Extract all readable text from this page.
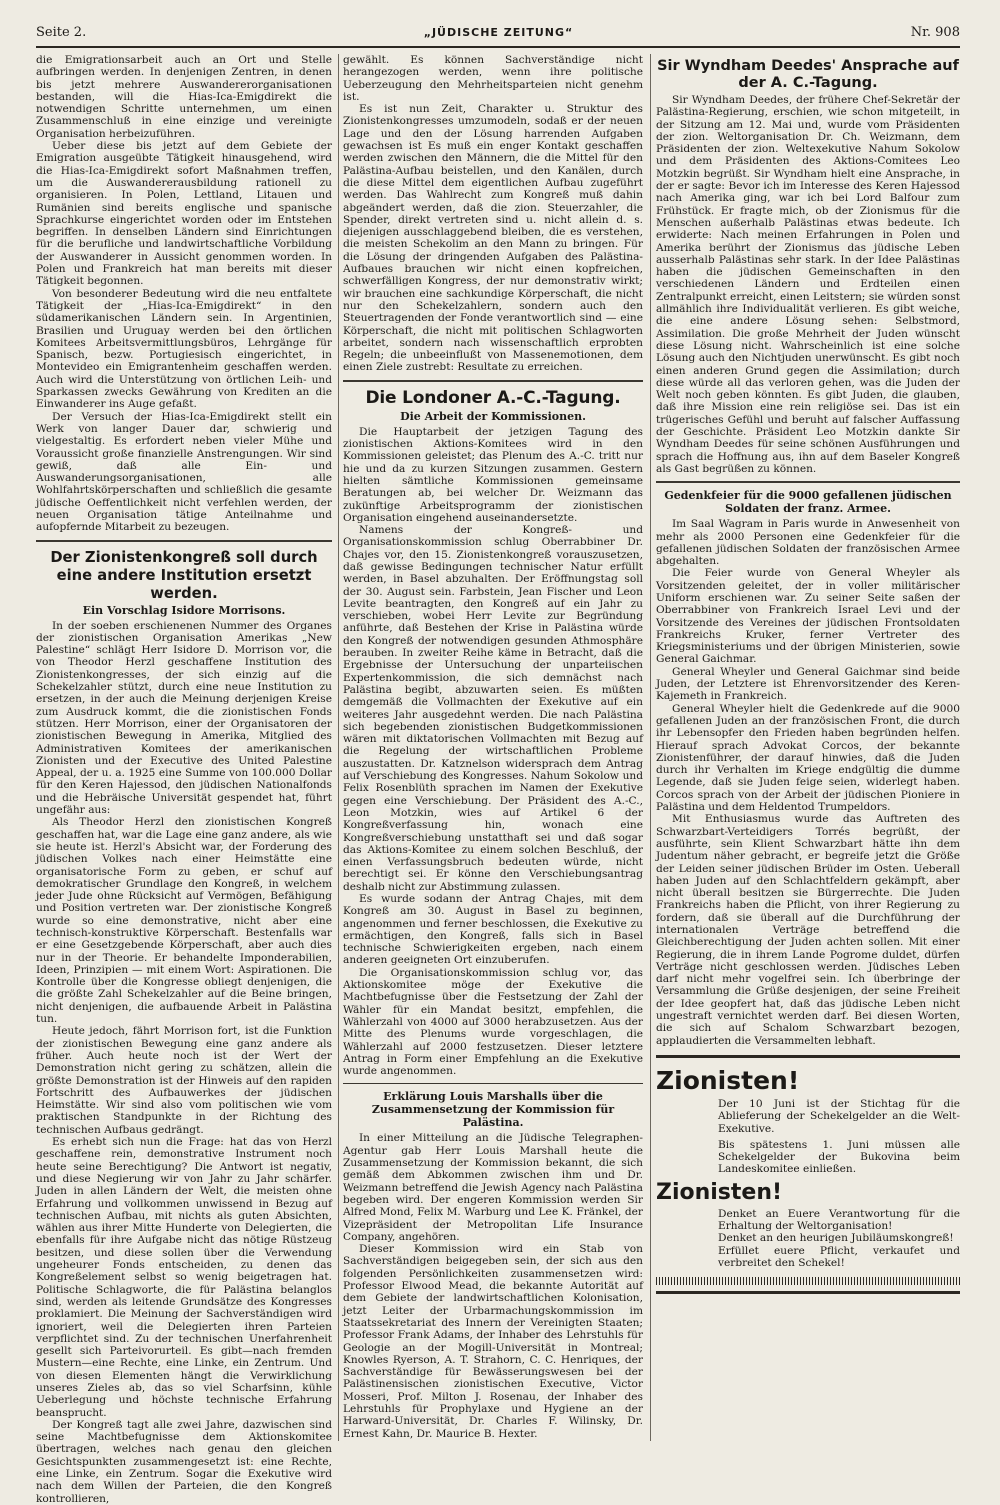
Seite 2.	„JÜDISCHE ZEITUNG“	Nr. 908

die Emigrationsarbeit auch an Ort und Stelle aufbringen werden. In denjenigen Zentren, in denen bis jetzt mehrere Auswandererorganisationen bestanden, will die Hias-Ica-Emigdirekt die notwendigen Schritte unternehmen, um einen Zusammenschluß in eine einzige und vereinigte Organisation herbeizuführen.

Ueber diese bis jetzt auf dem Gebiete der Emigration ausgeübte Tätigkeit hinausgehend, wird die Hias-Ica-Emigdirekt sofort Maßnahmen treffen, um die Auswandererausbildung rationell zu organisieren. In Polen, Lettland, Litauen und Rumänien sind bereits englische und spanische Sprachkurse eingerichtet worden oder im Entstehen begriffen. In denselben Ländern sind Einrichtungen für die berufliche und landwirtschaftliche Vorbildung der Auswanderer in Aussicht genommen worden. In Polen und Frankreich hat man bereits mit dieser Tätigkeit begonnen.

Von besonderer Bedeutung wird die neu entfaltete Tätigkeit der „Hias-Ica-Emigdirekt“ in den südamerikanischen Ländern sein. In Argentinien, Brasilien und Uruguay werden bei den örtlichen Komitees Arbeitsvermittlungsbüros, Lehrgänge für Spanisch, bezw. Portugiesisch eingerichtet, in Montevideo ein Emigrantenheim geschaffen werden. Auch wird die Unterstützung von örtlichen Leih- und Sparkassen zwecks Gewährung von Krediten an die Einwanderer ins Auge gefaßt.

Der Versuch der Hias-Ica-Emigdirekt stellt ein Werk von langer Dauer dar, schwierig und vielgestaltig. Es erfordert neben vieler Mühe und Voraussicht große finanzielle Anstrengungen. Wir sind gewiß, daß alle Ein- und Auswanderungsorganisationen, alle Wohlfahrtskörperschaften und schließlich die gesamte jüdische Oeffentlichkeit nicht verfehlen werden, der neuen Organisation tätige Anteilnahme und aufopfernde Mitarbeit zu bezeugen.

Der Zionistenkongreß soll durch eine andere Institution ersetzt werden.
Ein Vorschlag Isidore Morrisons.

In der soeben erschienenen Nummer des Organes der zionistischen Organisation Amerikas „New Palestine“ schlägt Herr Isidore D. Morrison vor, die von Theodor Herzl geschaffene Institution des Zionistenkongresses, der sich einzig auf die Schekelzahler stützt, durch eine neue Institution zu ersetzen, in der auch die Meinung derjenigen Kreise zum Ausdruck kommt, die die zionistischen Fonds stützen. Herr Morrison, einer der Organisatoren der zionistischen Bewegung in Amerika, Mitglied des Administrativen Komitees der amerikanischen Zionisten und der Executive des United Palestine Appeal, der u. a. 1925 eine Summe von 100.000 Dollar für den Keren Hajessod, den jüdischen Nationalfonds und die Hebräische Universität gespendet hat, führt ungefähr aus:

Als Theodor Herzl den zionistischen Kongreß geschaffen hat, war die Lage eine ganz andere, als wie sie heute ist. Herzl's Absicht war, der Forderung des jüdischen Volkes nach einer Heimstätte eine organisatorische Form zu geben, er schuf auf demokratischer Grundlage den Kongreß, in welchem jeder Jude ohne Rücksicht auf Vermögen, Befähigung und Position vertreten war. Der zionistische Kongreß wurde so eine demonstrative, nicht aber eine technisch-konstruktive Körperschaft. Bestenfalls war er eine Gesetzgebende Körperschaft, aber auch dies nur in der Theorie. Er behandelte Imponderabilien, Ideen, Prinzipien — mit einem Wort: Aspirationen. Die Kontrolle über die Kongresse obliegt denjenigen, die die größte Zahl Schekelzahler auf die Beine bringen, nicht denjenigen, die aufbauende Arbeit in Palästina tun.

Heute jedoch, fährt Morrison fort, ist die Funktion der zionistischen Bewegung eine ganz andere als früher. Auch heute noch ist der Wert der Demonstration nicht gering zu schätzen, allein die größte Demonstration ist der Hinweis auf den rapiden Fortschritt des Aufbauwerkes der jüdischen Heimstätte. Wir sind also vom politischen wie vom praktischen Standpunkte in der Richtung des technischen Aufbaus gedrängt.

Es erhebt sich nun die Frage: hat das von Herzl geschaffene rein, demonstrative Instrument noch heute seine Berechtigung? Die Antwort ist negativ, und diese Negierung wir von Jahr zu Jahr schärfer. Juden in allen Ländern der Welt, die meisten ohne Erfahrung und vollkommen unwissend in Bezug auf technischen Aufbau, mit nichts als guten Absichten, wählen aus ihrer Mitte Hunderte von Delegierten, die ebenfalls für ihre Aufgabe nicht das nötige Rüstzeug besitzen, und diese sollen über die Verwendung ungeheurer Fonds entscheiden, zu denen das Kongreßelement selbst so wenig beigetragen hat. Politische Schlagworte, die für Palästina belanglos sind, werden als leitende Grundsätze des Kongresses proklamiert. Die Meinung der Sachverständigen wird ignoriert, weil die Delegierten ihren Parteien verpflichtet sind. Zu der technischen Unerfahrenheit gesellt sich Parteivorurteil. Es gibt—nach fremden Mustern—eine Rechte, eine Linke, ein Zentrum. Und von diesen Elementen hängt die Verwirklichung unseres Zieles ab, das so viel Scharfsinn, kühle Ueberlegung und höchste technische Erfahrung beansprucht.

Der Kongreß tagt alle zwei Jahre, dazwischen sind seine Machtbefugnisse dem Aktionskomitee übertragen, welches nach genau den gleichen Gesichtspunkten zusammengesetzt ist: eine Rechte, eine Linke, ein Zentrum. Sogar die Exekutive wird nach dem Willen der Parteien, die den Kongreß kontrollieren,

gewählt. Es können Sachverständige nicht herangezogen werden, wenn ihre politische Ueberzeugung den Mehrheitsparteien nicht genehm ist.

Es ist nun Zeit, Charakter u. Struktur des Zionistenkongresses umzumodeln, sodaß er der neuen Lage und den der Lösung harrenden Aufgaben gewachsen ist Es muß ein enger Kontakt geschaffen werden zwischen den Männern, die die Mittel für den Palästina-Aufbau beistellen, und den Kanälen, durch die diese Mittel dem eigentlichen Aufbau zugeführt werden. Das Wahlrecht zum Kongreß muß dahin abgeändert werden, daß die zion. Steuerzahler, die Spender, direkt vertreten sind u. nicht allein d. s. diejenigen ausschlaggebend bleiben, die es verstehen, die meisten Schekolim an den Mann zu bringen. Für die Lösung der dringenden Aufgaben des Palästina-Aufbaues brauchen wir nicht einen kopfreichen, schwerfälligen Kongress, der nur demonstrativ wirkt; wir brauchen eine sachkundige Körperschaft, die nicht nur den Schekelzahlern, sondern auch den Steuertragenden der Fonde verantwortlich sind — eine Körperschaft, die nicht mit politischen Schlagworten arbeitet, sondern nach wissenschaftlich erprobten Regeln; die unbeeinflußt von Massenemotionen, dem einen Ziele zustrebt: Resultate zu erreichen.

Die Londoner A.-C.-Tagung.
Die Arbeit der Kommissionen.

Die Hauptarbeit der jetzigen Tagung des zionistischen Aktions-Komitees wird in den Kommissionen geleistet; das Plenum des A.-C. tritt nur hie und da zu kurzen Sitzungen zusammen. Gestern hielten sämtliche Kommissionen gemeinsame Beratungen ab, bei welcher Dr. Weizmann das zukünftige Arbeitsprogramm der zionistischen Organisation eingehend auseinandersetzte.

Namens der Kongreß- und Organisationskommission schlug Oberrabbiner Dr. Chajes vor, den 15. Zionistenkongreß vorauszusetzen, daß gewisse Bedingungen technischer Natur erfüllt werden, in Basel abzuhalten. Der Eröffnungstag soll der 30. August sein. Farbstein, Jean Fischer und Leon Levite beantragten, den Kongreß auf ein Jahr zu verschieben, wobei Herr Levite zur Begründung anführte, daß Bestehen der Krise in Palästina würde den Kongreß der notwendigen gesunden Athmosphäre berauben. In zweiter Reihe käme in Betracht, daß die Ergebnisse der Untersuchung der unparteiischen Expertenkommission, die sich demnächst nach Palästina begibt, abzuwarten seien. Es müßten demgemäß die Vollmachten der Exekutive auf ein weiteres Jahr ausgedehnt werden. Die nach Palästina sich begebenden zionistischen Budgetkommissionen wären mit diktatorischen Vollmachten mit Bezug auf die Regelung der wirtschaftlichen Probleme auszustatten. Dr. Katznelson widersprach dem Antrag auf Verschiebung des Kongresses. Nahum Sokolow und Felix Rosenblüth sprachen im Namen der Exekutive gegen eine Verschiebung. Der Präsident des A.-C., Leon Motzkin, wies auf Artikel 6 der Kongreßverfassung hin, wonach eine Kongreßverschiebung unstatthaft sei und daß sogar das Aktions-Komitee zu einem solchen Beschluß, der einen Verfassungsbruch bedeuten würde, nicht berechtigt sei. Er könne den Verschiebungsantrag deshalb nicht zur Abstimmung zulassen.

Es wurde sodann der Antrag Chajes, mit dem Kongreß am 30. August in Basel zu beginnen, angenommen und ferner beschlossen, die Exekutive zu ermächtigen, den Kongreß, falls sich in Basel technische Schwierigkeiten ergeben, nach einem anderen geeigneten Ort einzuberufen.

Die Organisationskommission schlug vor, das Aktionskomitee möge der Exekutive die Machtbefugnisse über die Festsetzung der Zahl der Wähler für ein Mandat besitzt, empfehlen, die Wählerzahl von 4000 auf 3000 herabzusetzen. Aus der Mitte des Plenums wurde vorgeschlagen, die Wählerzahl auf 2000 festzusetzen. Dieser letztere Antrag in Form einer Empfehlung an die Exekutive wurde angenommen.

Erklärung Louis Marshalls über die Zusammensetzung der Kommission für Palästina.

In einer Mitteilung an die Jüdische Telegraphen-Agentur gab Herr Louis Marshall heute die Zusammensetzung der Kommission bekannt, die sich gemäß dem Abkommen zwischen ihm und Dr. Weizmann betreffend die Jewish Agency nach Palästina begeben wird. Der engeren Kommission werden Sir Alfred Mond, Felix M. Warburg und Lee K. Fränkel, der Vizepräsident der Metropolitan Life Insurance Company, angehören.

Dieser Kommission wird ein Stab von Sachverständigen beigegeben sein, der sich aus den folgenden Persönlichkeiten zusammensetzen wird: Professor Elwood Mead, die bekannte Autorität auf dem Gebiete der landwirtschaftlichen Kolonisation, jetzt Leiter der Urbarmachungskommission im Staatssekretariat des Innern der Vereinigten Staaten; Professor Frank Adams, der Inhaber des Lehrstuhls für Geologie an der Mogill-Universität in Montreal; Knowles Ryerson, A. T. Strahorn, C. C. Henriques, der Sachverständige für Bewässerungswesen bei der Palästinensischen zionistischen Executive, Victor Mosseri, Prof. Milton J. Rosenau, der Inhaber des Lehrstuhls für Prophylaxe und Hygiene an der Harward-Universität, Dr. Charles F. Wilinsky, Dr. Ernest Kahn, Dr. Maurice B. Hexter.

Sir Wyndham Deedes' Ansprache auf der A. C.-Tagung.

Sir Wyndham Deedes, der frühere Chef-Sekretär der Palästina-Regierung, erschien, wie schon mitgeteilt, in der Sitzung am 12. Mai und, wurde vom Präsidenten der zion. Weltorganisation Dr. Ch. Weizmann, dem Präsidenten der zion. Weltexekutive Nahum Sokolow und dem Präsidenten des Aktions-Comitees Leo Motzkin begrüßt. Sir Wyndham hielt eine Ansprache, in der er sagte: Bevor ich im Interesse des Keren Hajessod nach Amerika ging, war ich bei Lord Balfour zum Frühstück. Er fragte mich, ob der Zionismus für die Menschen außerhalb Palästinas etwas bedeute. Ich erwiderte: Nach meinen Erfahrungen in Polen und Amerika berührt der Zionismus das jüdische Leben ausserhalb Palästinas sehr stark. In der Idee Palästinas haben die jüdischen Gemeinschaften in den verschiedenen Ländern und Erdteilen einen Zentralpunkt erreicht, einen Leitstern; sie würden sonst allmählich ihre Individualität verlieren. Es gibt weiche, die eine andere Lösung sehen: Selbstmord, Assimilation. Die große Mehrheit der Juden wünscht diese Lösung nicht. Wahrscheinlich ist eine solche Lösung auch den Nichtjuden unerwünscht. Es gibt noch einen anderen Grund gegen die Assimilation; durch diese würde all das verloren gehen, was die Juden der Welt noch geben könnten. Es gibt Juden, die glauben, daß ihre Mission eine rein religiöse sei. Das ist ein trügerisches Gefühl und beruht auf falscher Auffassung der Geschichte. Präsident Leo Motzkin dankte Sir Wyndham Deedes für seine schönen Ausführungen und sprach die Hoffnung aus, ihn auf dem Baseler Kongreß als Gast begrüßen zu können.

Gedenkfeier für die 9000 gefallenen jüdischen Soldaten der franz. Armee.

Im Saal Wagram in Paris wurde in Anwesenheit von mehr als 2000 Personen eine Gedenkfeier für die gefallenen jüdischen Soldaten der französischen Armee abgehalten.

Die Feier wurde von General Wheyler als Vorsitzenden geleitet, der in voller militärischer Uniform erschienen war. Zu seiner Seite saßen der Oberrabbiner von Frankreich Israel Levi und der Vorsitzende des Vereines der jüdischen Frontsoldaten Frankreichs Kruker, ferner Vertreter des Kriegsministeriums und der übrigen Ministerien, sowie General Gaichmar.

General Wheyler und General Gaichmar sind beide Juden, der Letztere ist Ehrenvorsitzender des Keren-Kajemeth in Frankreich.

General Wheyler hielt die Gedenkrede auf die 9000 gefallenen Juden an der französischen Front, die durch ihr Lebensopfer den Frieden haben begründen helfen. Hierauf sprach Advokat Corcos, der bekannte Zionistenführer, der darauf hinwies, daß die Juden durch ihr Verhalten im Kriege endgültig die dumme Legende, daß sie Juden feige seien, widerlegt haben. Corcos sprach von der Arbeit der jüdischen Pioniere in Palästina und dem Heldentod Trumpeldors.

Mit Enthusiasmus wurde das Auftreten des Schwarzbart-Verteidigers Torrés begrüßt, der ausführte, sein Klient Schwarzbart hätte ihn dem Judentum näher gebracht, er begreife jetzt die Größe der Leiden seiner jüdischen Brüder im Osten. Ueberall haben Juden auf den Schlachtfeldern gekämpft, aber nicht überall besitzen sie Bürgerrechte. Die Juden Frankreichs haben die Pflicht, von ihrer Regierung zu fordern, daß sie überall auf die Durchführung der internationalen Verträge betreffend die Gleichberechtigung der Juden achten sollen. Mit einer Regierung, die in ihrem Lande Pogrome duldet, dürfen Verträge nicht geschlossen werden. Jüdisches Leben darf nicht mehr vogelfrei sein. Ich überbringe der Versammlung die Grüße desjenigen, der seine Freiheit der Idee geopfert hat, daß das jüdische Leben nicht ungestraft vernichtet werden darf. Bei diesen Worten, die sich auf Schalom Schwarzbart bezogen, applaudierten die Versammelten lebhaft.

Zionisten!

Der 10 Juni ist der Stichtag für die Ablieferung der Schekelgelder an die Welt-Exekutive.

Bis spätestens 1. Juni müssen alle Schekelgelder der Bukovina beim Landeskomitee einließen.

Zionisten!

Denket an Euere Verantwortung für die Erhaltung der Weltorganisation!

Denket an den heurigen Jubiläumskongreß!

Erfüllet euere Pflicht, verkaufet und verbreitet den Schekel!
